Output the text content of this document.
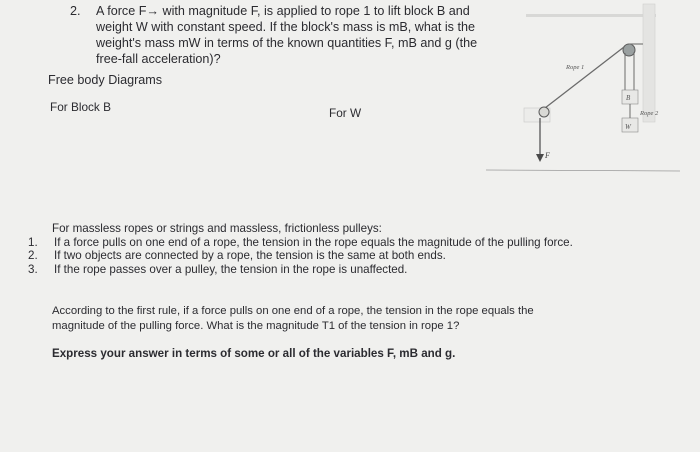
2. A force F→ with magnitude F, is applied to rope 1 to lift block B and
weight W with constant speed. If the block's mass is mB, what is the
weight's mass mW in terms of the known quantities F, mB and g (the
free-fall acceleration)?
Free body Diagrams
For Block B	For W
Rope 1
Rope 2
B
W
F
For massless ropes or strings and massless, frictionless pulleys:
1. If a force pulls on one end of a rope, the tension in the rope equals the magnitude of the pulling force.
2. If two objects are connected by a rope, the tension is the same at both ends.
3. If the rope passes over a pulley, the tension in the rope is unaffected.
According to the first rule, if a force pulls on one end of a rope, the tension in the rope equals the
magnitude of the pulling force. What is the magnitude T1 of the tension in rope 1?
Express your answer in terms of some or all of the variables F, mB and g.
